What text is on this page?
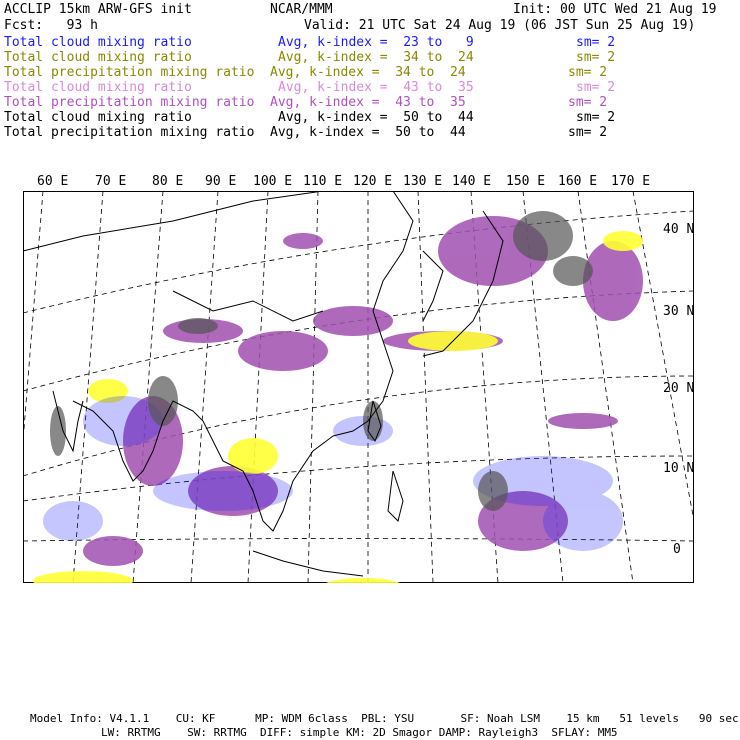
ACCLIP 15km ARW-GFS init	NCAR/MMM	Init: 00 UTC Wed 21 Aug 19
Fcst:   93 h	Valid: 21 UTC Sat 24 Aug 19 (06 JST Sun 25 Aug 19)
Total cloud mixing ratio	Avg, k-index =  23 to   9	sm= 2
Total cloud mixing ratio	Avg, k-index =  34 to  24	sm= 2
Total precipitation mixing ratio Avg, k-index =  34 to  24	sm= 2
Total cloud mixing ratio	Avg, k-index =  43 to  35	sm= 2
Total precipitation mixing ratio Avg, k-index =  43 to  35	sm= 2
Total cloud mixing ratio	Avg, k-index =  50 to  44	sm= 2
Total precipitation mixing ratio Avg, k-index =  50 to  44	sm= 2
60 E 70 E 80 E 90 E 100 E 110 E 120 E 130 E 140 E 150 E 160 E 170 E
40 N
30 N
20 N
10 N
0
Model Info: V4.1.1    CU: KF      MP: WDM 6class  PBL: YSU       SF: Noah LSM    15 km   51 levels   90 sec
LW: RRTMG    SW: RRTMG  DIFF: simple KM: 2D Smagor DAMP: Rayleigh3  SFLAY: MM5
